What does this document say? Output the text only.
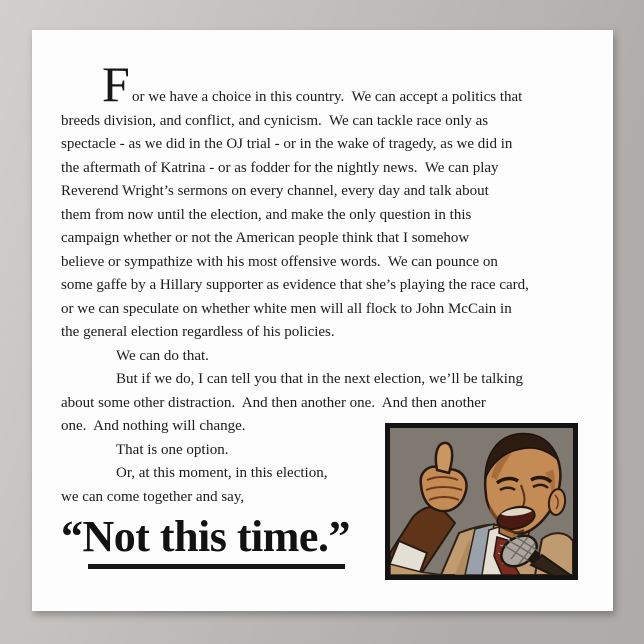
F or we have a choice in this country.  We can accept a politics that
breeds division, and conflict, and cynicism.  We can tackle race only as
spectacle - as we did in the OJ trial - or in the wake of tragedy, as we did in
the aftermath of Katrina - or as fodder for the nightly news.  We can play
Reverend Wright’s sermons on every channel, every day and talk about
them from now until the election, and make the only question in this
campaign whether or not the American people think that I somehow
believe or sympathize with his most offensive words.  We can pounce on
some gaffe by a Hillary supporter as evidence that she’s playing the race card,
or we can speculate on whether white men will all flock to John McCain in
the general election regardless of his policies.
We can do that.
But if we do, I can tell you that in the next election, we’ll be talking
about some other distraction.  And then another one.  And then another
one.  And nothing will change.
That is one option.
Or, at this moment, in this election,
we can come together and say,
“Not this time.”
